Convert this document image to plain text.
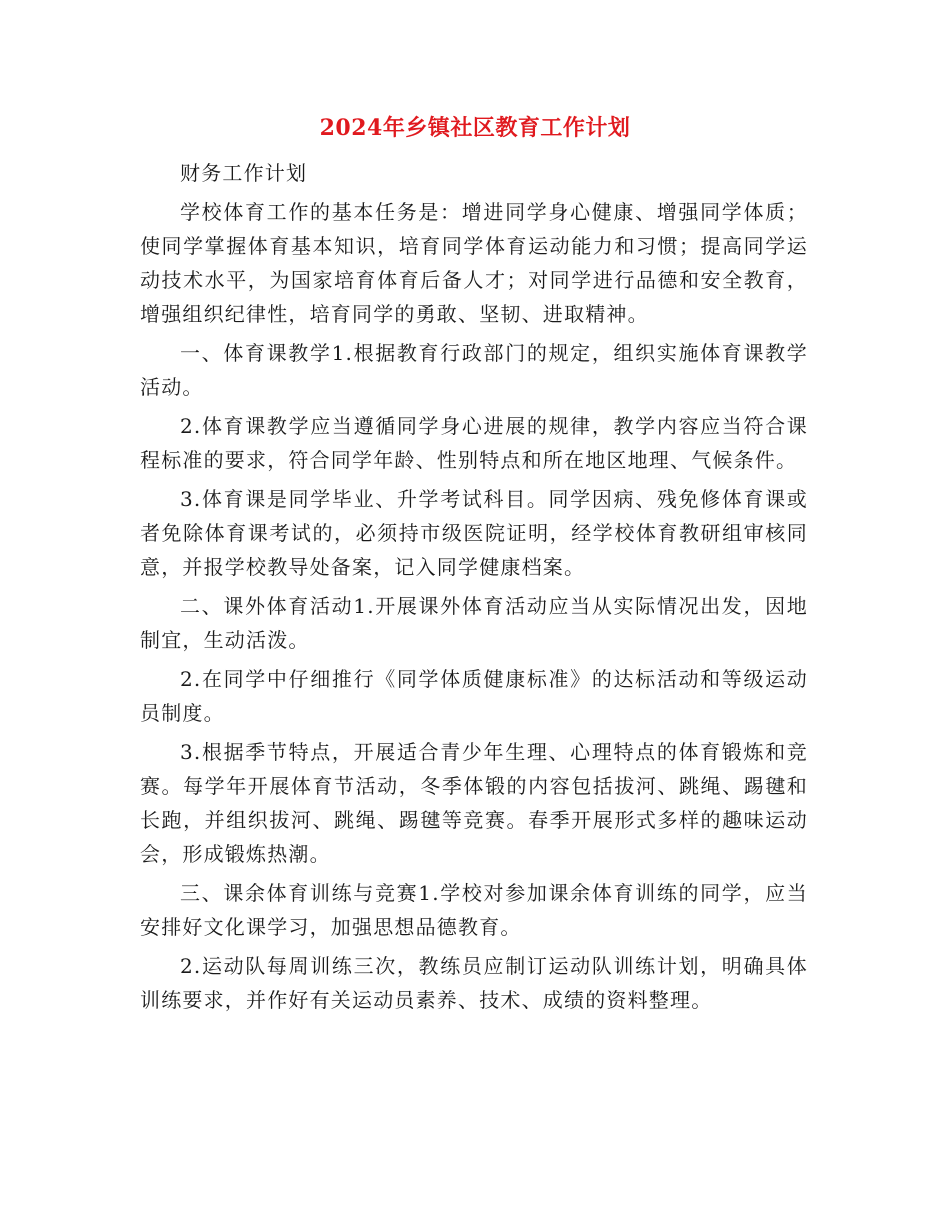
2024年乡镇社区教育工作计划

财务工作计划

学校体育工作的基本任务是：增进同学身心健康、增强同学体质；使同学掌握体育基本知识，培育同学体育运动能力和习惯；提高同学运动技术水平，为国家培育体育后备人才；对同学进行品德和安全教育，增强组织纪律性，培育同学的勇敢、坚韧、进取精神。

一、体育课教学1.根据教育行政部门的规定，组织实施体育课教学活动。

2.体育课教学应当遵循同学身心进展的规律，教学内容应当符合课程标准的要求，符合同学年龄、性别特点和所在地区地理、气候条件。

3.体育课是同学毕业、升学考试科目。同学因病、残免修体育课或者免除体育课考试的，必须持市级医院证明，经学校体育教研组审核同意，并报学校教导处备案，记入同学健康档案。

二、课外体育活动1.开展课外体育活动应当从实际情况出发，因地制宜，生动活泼。

2.在同学中仔细推行《同学体质健康标准》的达标活动和等级运动员制度。

3.根据季节特点，开展适合青少年生理、心理特点的体育锻炼和竞赛。每学年开展体育节活动，冬季体锻的内容包括拔河、跳绳、踢毽和长跑，并组织拔河、跳绳、踢毽等竞赛。春季开展形式多样的趣味运动会，形成锻炼热潮。

三、课余体育训练与竞赛1.学校对参加课余体育训练的同学，应当安排好文化课学习，加强思想品德教育。

2.运动队每周训练三次，教练员应制订运动队训练计划，明确具体训练要求，并作好有关运动员素养、技术、成绩的资料整理。
